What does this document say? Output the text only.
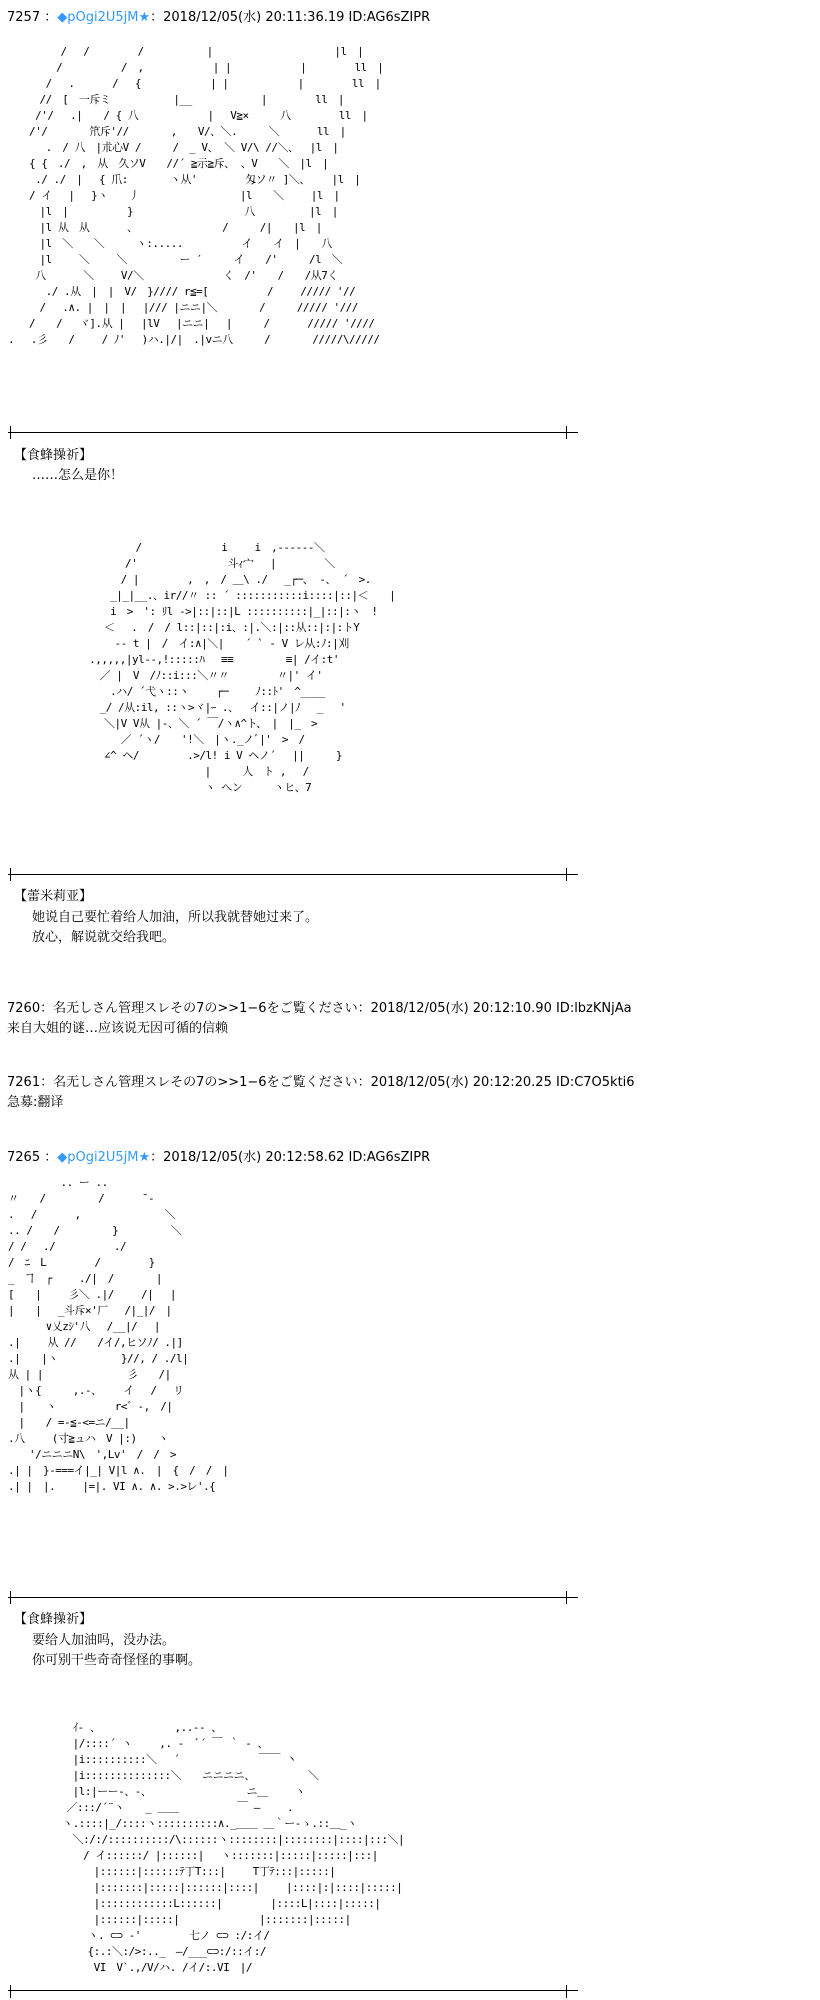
7257 ：◆pOgi2U5jM★：2018/12/05(水) 20:11:36.19 ID:AG6sZIPR
　　　　　/　 /　　　　 /　　　　　　|　　　　　　　　　　　 |l　|
　　　　 /　　　　　 /　,　　　　　　 | |　　　　　　 |　　　　 ll　|
　　　 /　 .　　　 /　 {　　　　　　 | |　　　　　　 |　　　　 ll　|
　　　//　[　一斥ミ　　　　　　|__　　　　　　 |　　　　 ll　|
　　 /'/　 .|　　/ { 八　　　　　　 |　 V≧×　　　八　　　　 ll　|
　　/'/　　　　笊斥'//　　　　,　　V/、＼.　　　＼　　　 ll　|
　　　 .　/ 八　|朮心V /　　　/　_ V、 ＼ V/\ //＼、　 |l　|
　　{ {　./　,　从　久ソV　　//´ ≧示≧斥、 、V　　＼　|l　|
　　 ./ ./　|　 { 爪:　　　　ヽ从'　　　　 匁ソ〃 ]＼、　　 |l　|
　　/ イ　 |　 }ヽ　　丿　　　　　　　　　 |l　　＼　　 |l　|
　　　|l　|　　　　　 }　　　　　　　　　　 八　　　 　 |l　|
　　　|l 从　从　　　 、　　　　　　　　 /　　　/|　　|l　|
　　　|l　＼　　＼　　　ヽ:.....　　　　　 イ　　イ　|　　八
　　　|l　　 ＼　　 ＼　　　　　ー ′　　　イ　　/'　　　/l　＼
　　 八　　　 ＼　　 V/＼　　　　　　　 く　/'　　/　　/从7く
　　　 ./ .从　|　|　V/　}//// r≦=[　　　　　 /　　 ///// '//
　　　/　 .∧. |　|　|　 |/// |ニニ|＼　　　　/　　　///// '///
　　/　　/　 ヾ].从 |　 |lV　 |ニニ|　 |　　　/　　　 ///// '////
.　 .彡　　/　　 / ﾉ'　 )ハ.|/|　.|vニ八　　　/　　　　/////\/////
【食蜂操祈】
……怎么是你！
　　　　　　　/　　　　　　　 i　　 i　,------＼
　　　　　　/'　　　　　　　　 斗ｨ宀　 |　　　　 ＼
　　　　　 / |　　　　 ,　,　/ ＿\ ./　 _┌─、 -、 ´　>.
　　　　 _|_|__.、ir//〃 :: ´ :::::::::::i::::|::|＜　　|
　　　　 i　>　': ﾘl ->|::|::|L ::::::::::|_|::|:ヽ　!
　　　　＜　 .　/　/ l::|::|:i、:|.＼:|::从::|:|:トY
　　　　　-- t |　/　イ:∧|＼|　　´ ` - V レ从:ﾉ:|刈
　　 .,,,,,|yl--,!:::::ﾊ　 ≡≡　　　　　≡| /イ:t'
　　　 ／ |　V　/ﾉ::i:::＼〃〃　　　　 〃|' イ'
　　　　 .ハ/ ´弋ヽ::ヽ　　 ┌─ 　　ﾉ::ﾄ'　^____
　　　 _/ /从:il, ::ヽ>ヾ|ｰ .、　 イ::|ノ|ﾉ 　_　 '
　　　　＼|V V从 |-、＼ ´ ￣/ヽ∧^ト、　|　|_　>
　　　　　 ／ ´ヽ/　　'!＼　|ヽ._ノﾞ|'　>　/
　　　　∠^ ヘ/　　　　 .>/l! i V ヘノ´ 　||　　　}
　　　　　　　　　　　　　 |　　　人　ト ,　 /
　　　　　　　　　　　　　 ヽ へン　　　ヽヒ、7
【蕾米莉亚】
她说自己要忙着给人加油，所以我就替她过来了。
放心，解说就交给我吧。
7260：名无しさん管理スレその7の>>1−6をご覧ください：2018/12/05(水) 20:12:10.90 ID:lbzKNjAa
来自大姐的谜…应该说无因可循的信赖
7261：名无しさん管理スレその7の>>1−6をご覧ください：2018/12/05(水) 20:12:20.25 ID:C7O5kti6
急募:翻译
7265 ：◆pOgi2U5jM★：2018/12/05(水) 20:12:58.62 ID:AG6sZIPR
　　　　　.. ー ..
〃　　/　　　　　/　　　 ¯-
.　 /　　　 ,　　　　　　　　＼
.. /　　/　　　　　}　　　　　＼
/ /　 ./　　　　　 ./
/　ﾆ　L　　　　 /　　　　 }
_　ヿ　┌　　 ./|　/　　　　|
[　　|　　 彡＼ .|/　　 /|　 |
|　　|　 _斗斥×'厂　 /|_|/　|
　　　 ∨乂zｼ'八　 /__|/　 |
.|　　 从 //　　/イ/,ヒソﾉ/ .|]
.|　　|ヽ　　　　　　}//, / ./l|
从 | |　　　　　　　　彡　　/|
　|ヽ{　　　,.-、　　 イ　 /　 リ
　|　　ヽ　　　　　 r<゛-,　/|
　|　　/ =-≦-<=ニ/__|
.八　　 (寸≧ュハ　V |:)　　ヽ
　　'/ニニニN\　',Lv'　/　/　>
.| |　}-===イ|_| V|l ∧.　|　{　/　/　|
.| |　|.　　 |=|. VI ∧. ∧. >.>レ'.{
【食蜂操祈】
要给人加油吗，没办法。
你可别干些奇奇怪怪的事啊。
　　　　　 ｲ- 、　　　　　　　 ,..-‐ 、
　　　　　 |/::::´ ヽ　　 ,. -　ﾞ´ ￣ ｀ - 、
　　　　　 |i::::::::::＼　 ´　　　　　　　 ￣￣ 丶
　　　　　 |i::::::::::::::＼　　ニニニニ、　　　　　 ＼
　　　　　 |l:|ーー-、-、　　　　　　　　　 ニ＿　　 ヽ
　　　　　／:::/´¨ヽ　　_ ＿＿　　　　　 ￣ ―　　 .
　　　　 ヽ.::::|_/::::ヽ::::::::::∧._＿＿ ＿｀ー-ゝ.::＿_ヽ
　　　　　 ＼:/:/::::::::::/\::::::ヽ::::::::|::::::::|::::|:::＼|
　　　　　　 / イ::::::/ |::::::|　 ヽ:::::::|:::::|:::::|:::|
　　　　　　　 |::::::|::::::ﾃ丁T:::|　　 T丁ﾃ:::|:::::|
　　　　　　　 |:::::::|:::::|::::::|::::|　　 |::::|:|::::|:::::|
　　　　　　　 |::::::::::::L::::::|　　　　 |::::L|::::|:::::|
　　　　　　　 |::::::|:::::|　　　　　　　 |:::::::|:::::|
　　　　　　　ヽ. ⊂⊃ -'　　　　 七ノ ⊂⊃ :/:イ/
　　　　　　　{:.:＼:/>:.._　―/___⊂⊃:/::イ:/
　　　　　　　 VI　V`.,/V/ハ. /イ/:.VI　|/
